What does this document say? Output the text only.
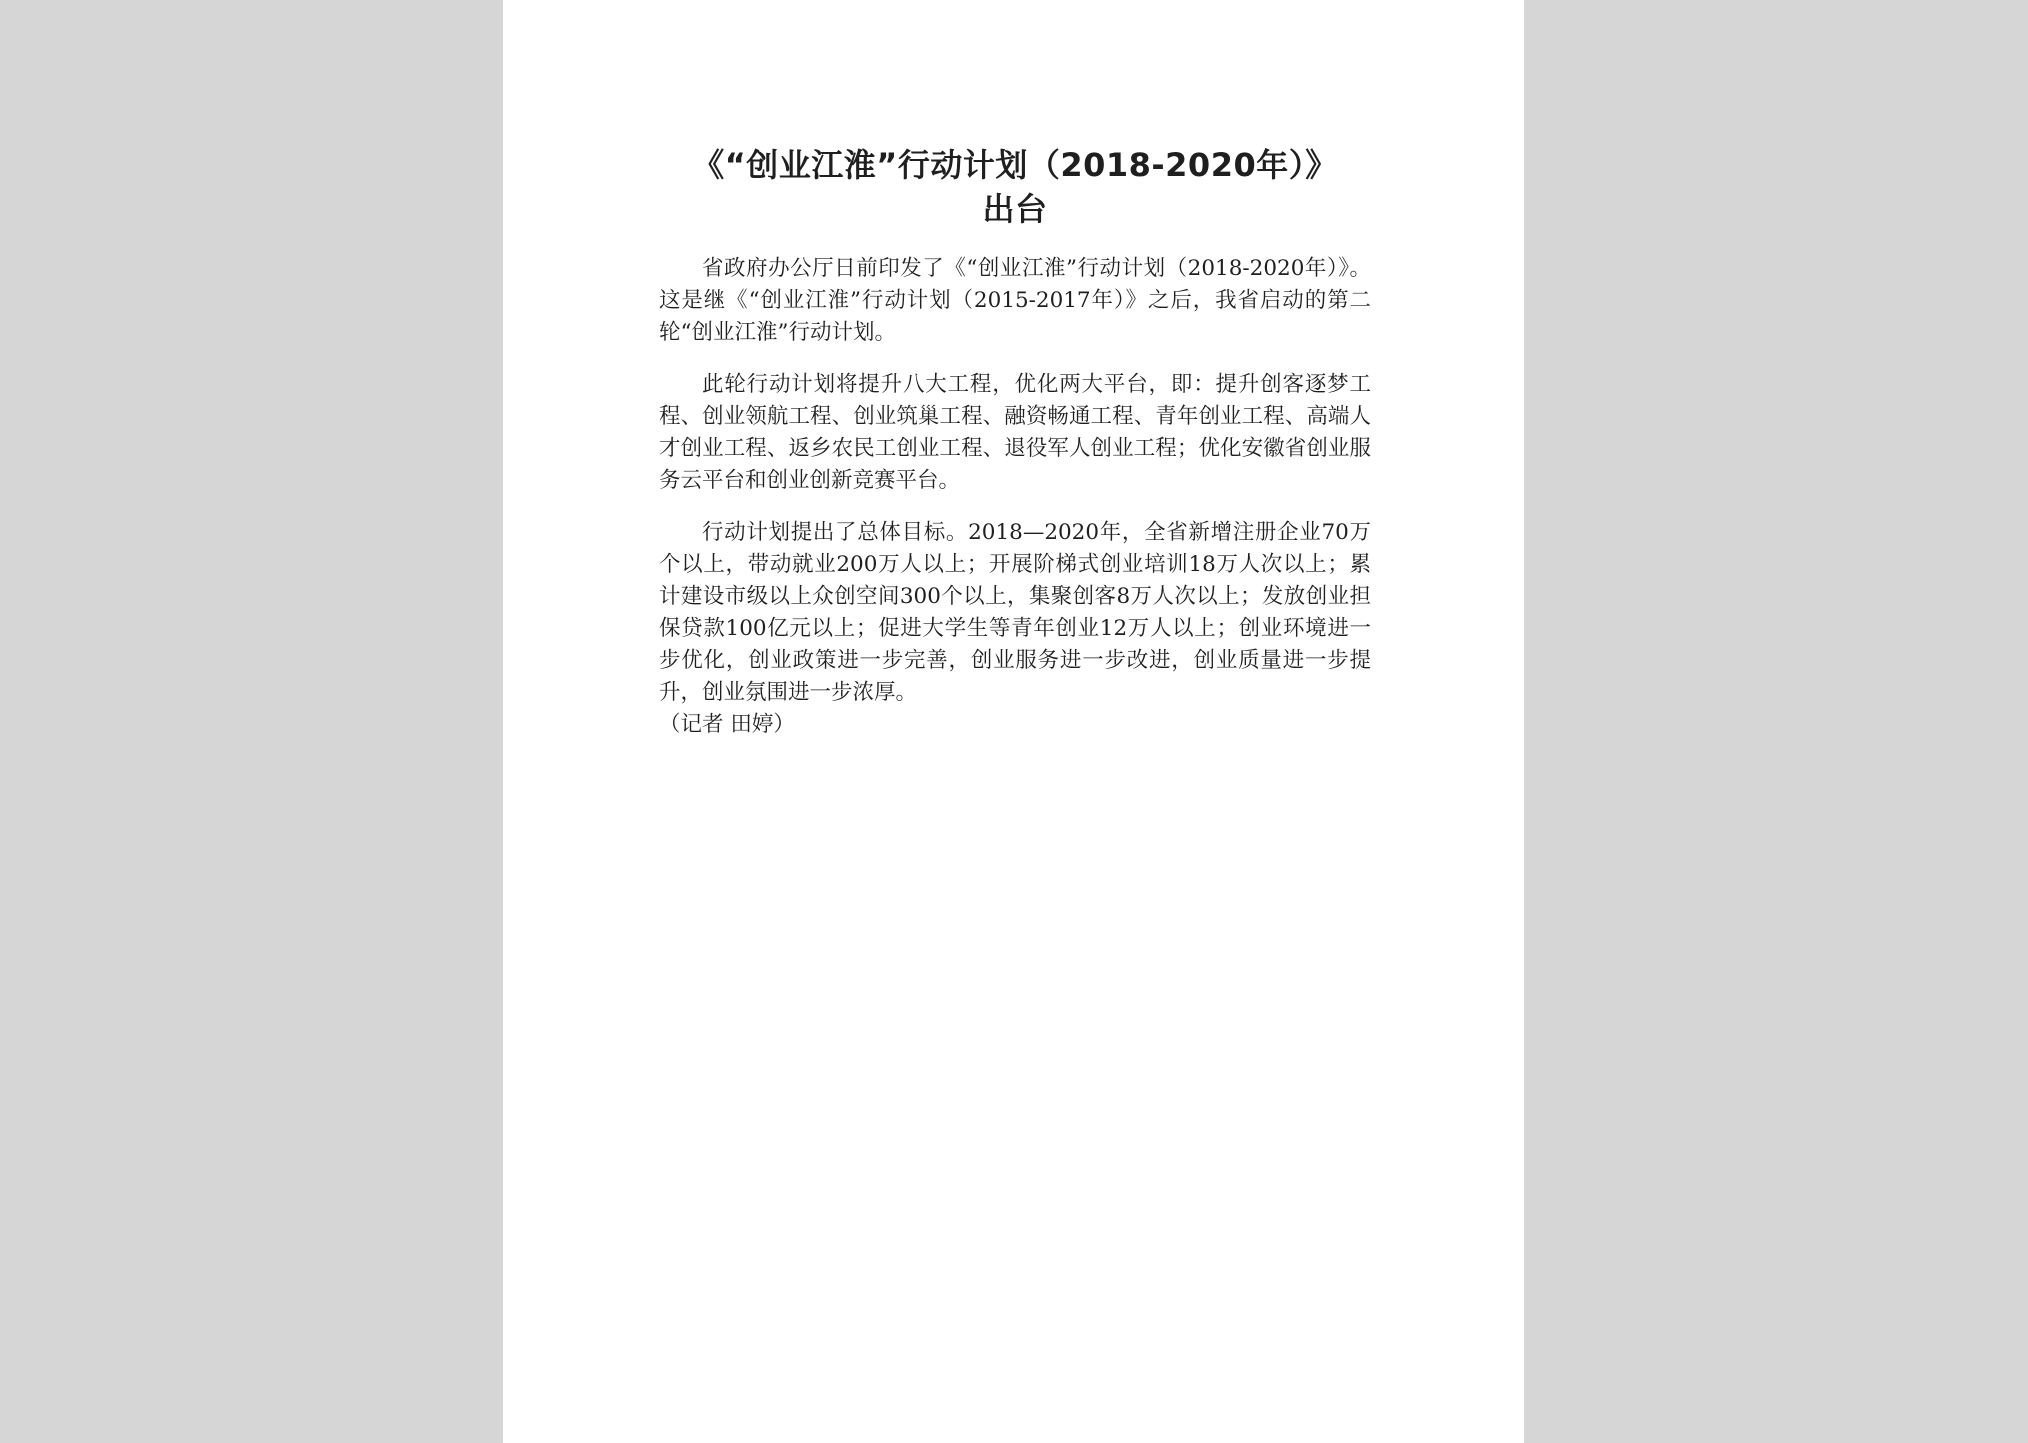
《“创业江淮”行动计划（2018-2020年）》
出台

省政府办公厅日前印发了《“创业江淮”行动计划（2018-2020年）》。这是继《“创业江淮”行动计划（2015-2017年）》之后，我省启动的第二轮“创业江淮”行动计划。

此轮行动计划将提升八大工程，优化两大平台，即：提升创客逐梦工程、创业领航工程、创业筑巢工程、融资畅通工程、青年创业工程、高端人才创业工程、返乡农民工创业工程、退役军人创业工程；优化安徽省创业服务云平台和创业创新竞赛平台。

行动计划提出了总体目标。2018—2020年，全省新增注册企业70万个以上，带动就业200万人以上；开展阶梯式创业培训18万人次以上；累计建设市级以上众创空间300个以上，集聚创客8万人次以上；发放创业担保贷款100亿元以上；促进大学生等青年创业12万人以上；创业环境进一步优化，创业政策进一步完善，创业服务进一步改进，创业质量进一步提升，创业氛围进一步浓厚。

（记者 田婷）
